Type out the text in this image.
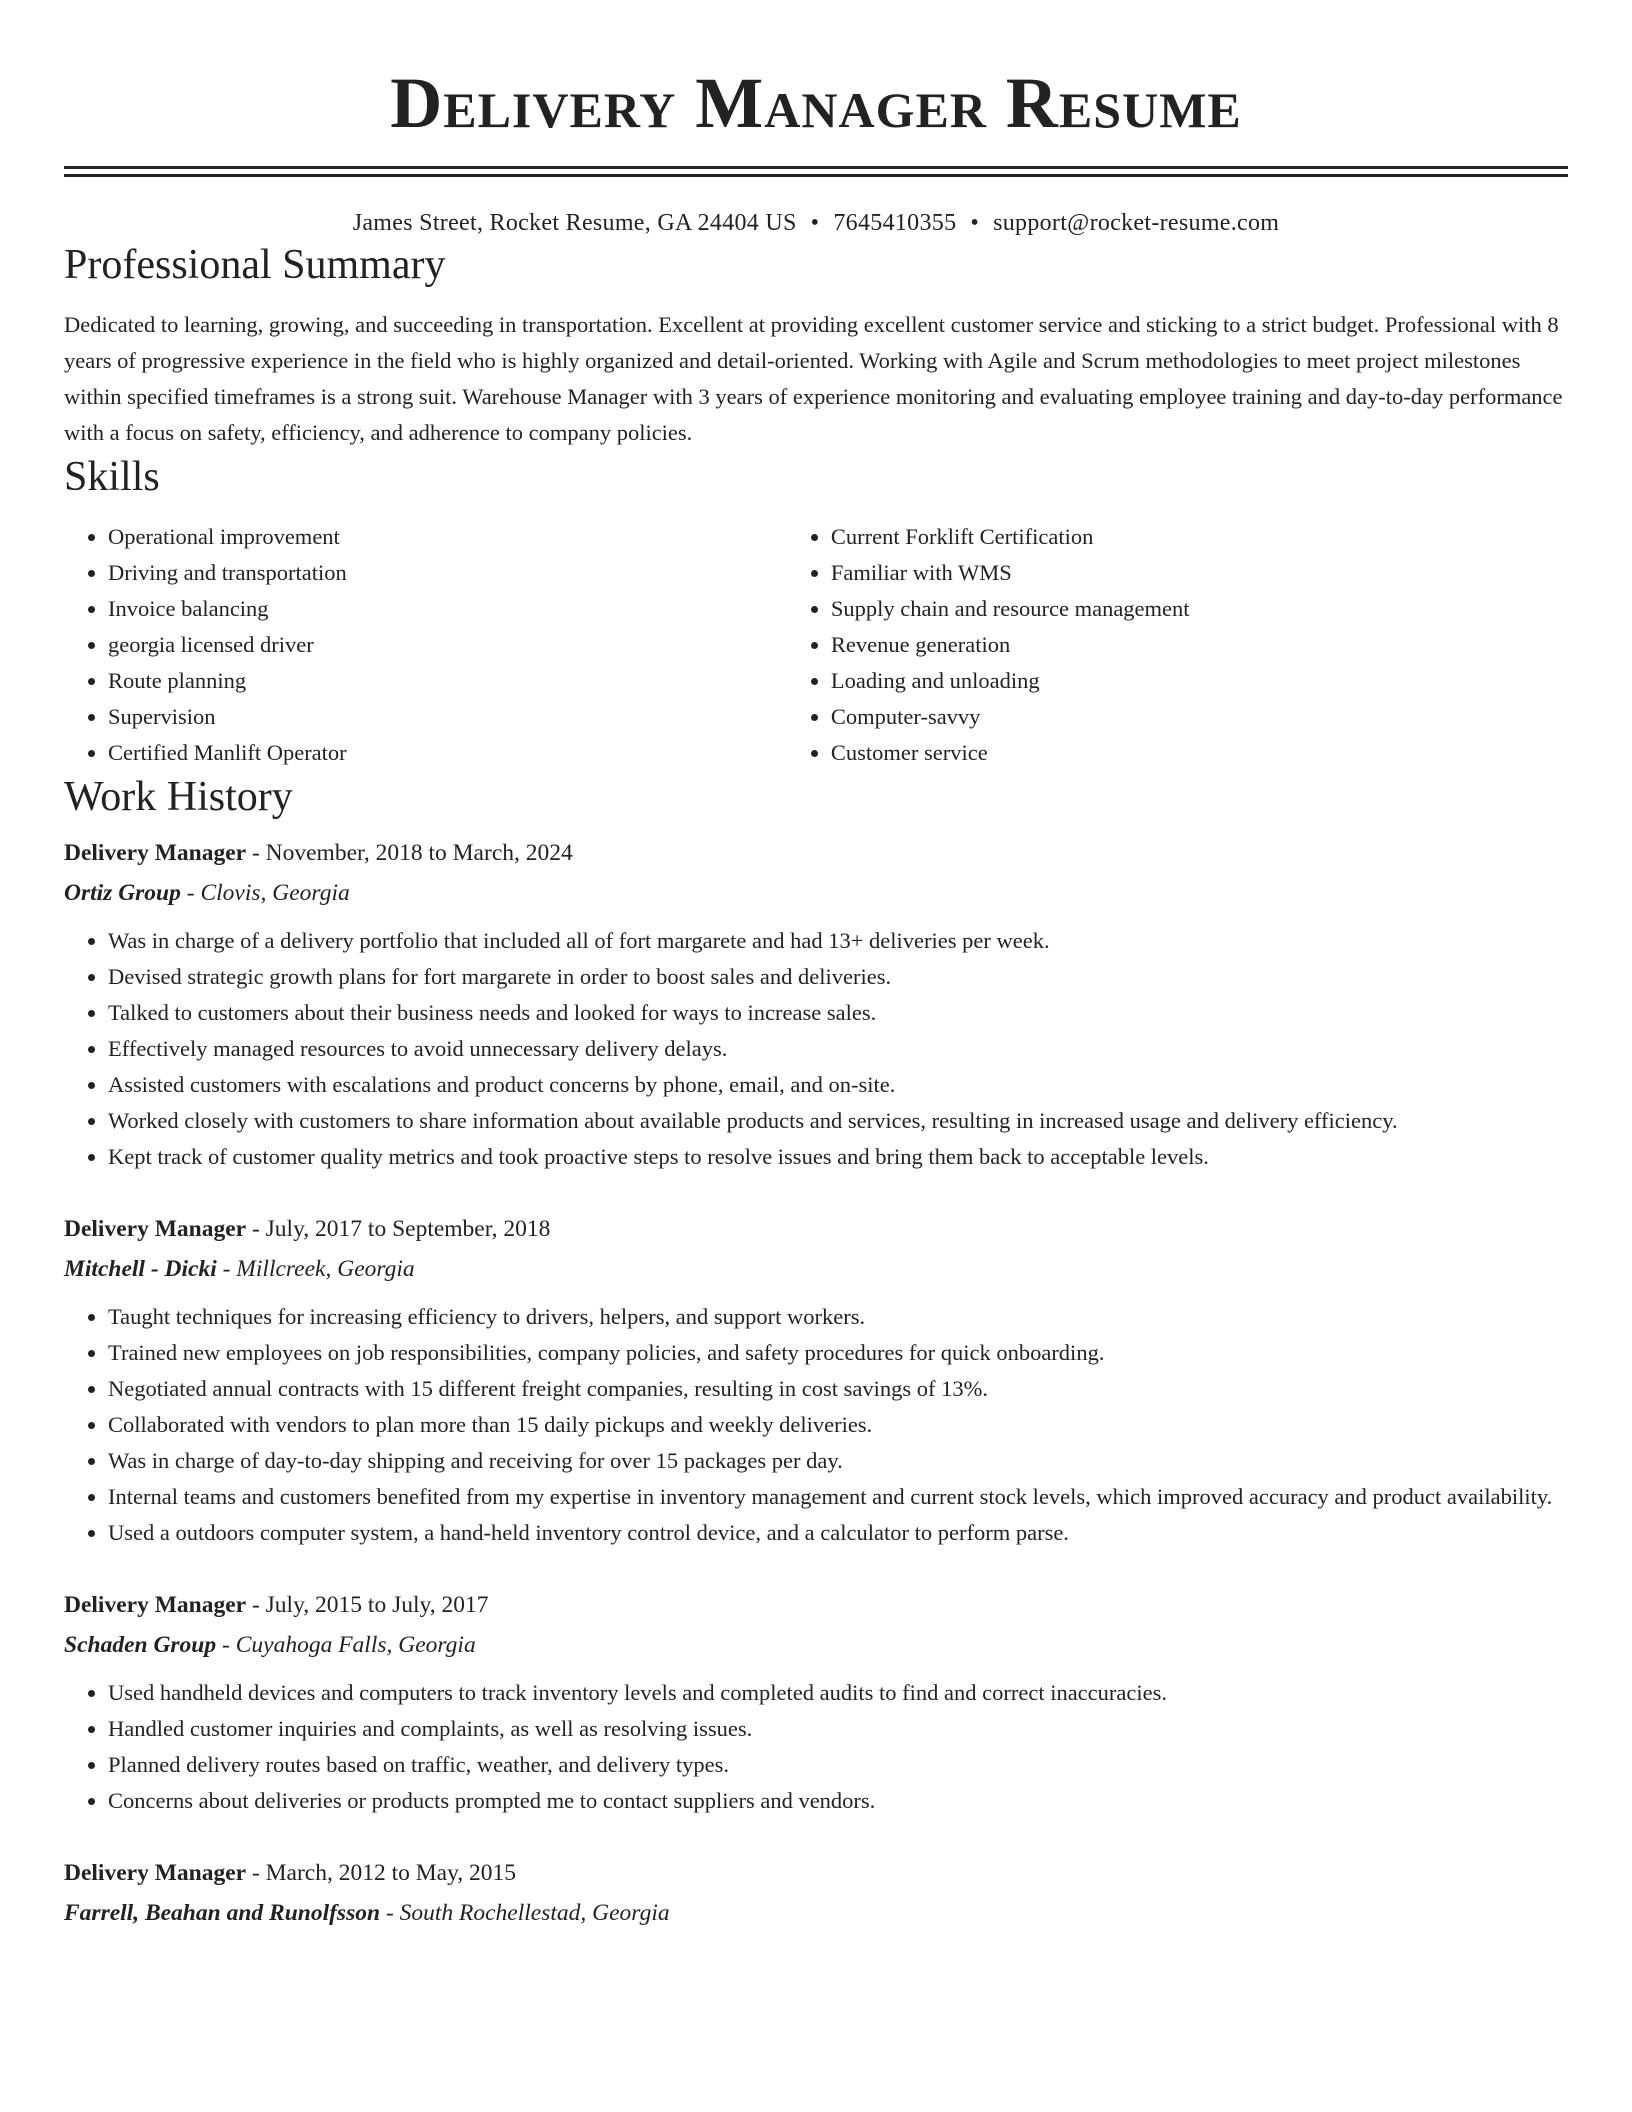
Delivery Manager Resume
James Street, Rocket Resume, GA 24404 US • 7645410355 • support@rocket-resume.com
Professional Summary

Dedicated to learning, growing, and succeeding in transportation. Excellent at providing excellent customer service and sticking to a strict budget. Professional with 8 years of progressive experience in the field who is highly organized and detail-oriented. Working with Agile and Scrum methodologies to meet project milestones within specified timeframes is a strong suit. Warehouse Manager with 3 years of experience monitoring and evaluating employee training and day-to-day performance with a focus on safety, efficiency, and adherence to company policies.

Skills
• Operational improvement
• Driving and transportation
• Invoice balancing
• georgia licensed driver
• Route planning
• Supervision
• Certified Manlift Operator
• Current Forklift Certification
• Familiar with WMS
• Supply chain and resource management
• Revenue generation
• Loading and unloading
• Computer-savvy
• Customer service
Work History
Delivery Manager - November, 2018 to March, 2024
Ortiz Group - Clovis, Georgia
• Was in charge of a delivery portfolio that included all of fort margarete and had 13+ deliveries per week.
• Devised strategic growth plans for fort margarete in order to boost sales and deliveries.
• Talked to customers about their business needs and looked for ways to increase sales.
• Effectively managed resources to avoid unnecessary delivery delays.
• Assisted customers with escalations and product concerns by phone, email, and on-site.
• Worked closely with customers to share information about available products and services, resulting in increased usage and delivery efficiency.
• Kept track of customer quality metrics and took proactive steps to resolve issues and bring them back to acceptable levels.
Delivery Manager - July, 2017 to September, 2018
Mitchell - Dicki - Millcreek, Georgia
• Taught techniques for increasing efficiency to drivers, helpers, and support workers.
• Trained new employees on job responsibilities, company policies, and safety procedures for quick onboarding.
• Negotiated annual contracts with 15 different freight companies, resulting in cost savings of 13%.
• Collaborated with vendors to plan more than 15 daily pickups and weekly deliveries.
• Was in charge of day-to-day shipping and receiving for over 15 packages per day.
• Internal teams and customers benefited from my expertise in inventory management and current stock levels, which improved accuracy and product availability.
• Used a outdoors computer system, a hand-held inventory control device, and a calculator to perform parse.
Delivery Manager - July, 2015 to July, 2017
Schaden Group - Cuyahoga Falls, Georgia
• Used handheld devices and computers to track inventory levels and completed audits to find and correct inaccuracies.
• Handled customer inquiries and complaints, as well as resolving issues.
• Planned delivery routes based on traffic, weather, and delivery types.
• Concerns about deliveries or products prompted me to contact suppliers and vendors.
Delivery Manager - March, 2012 to May, 2015
Farrell, Beahan and Runolfsson - South Rochellestad, Georgia
